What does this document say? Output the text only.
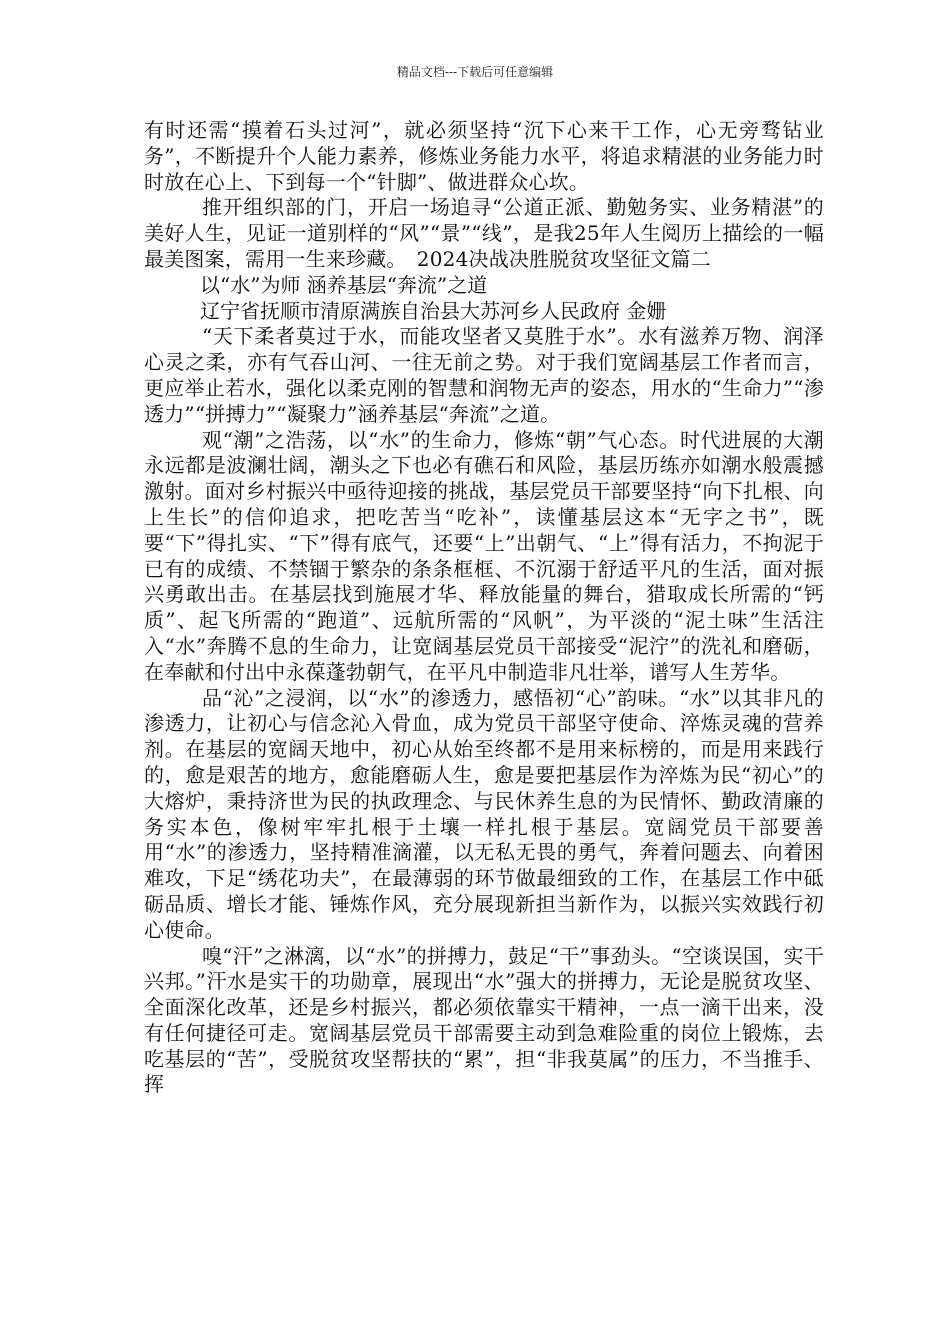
精品文档---下载后可任意编辑

有时还需“摸着石头过河”，就必须坚持“沉下心来干工作，心无旁骛钻业务”，不断提升个人能力素养，修炼业务能力水平，将追求精湛的业务能力时时放在心上、下到每一个“针脚”、做进群众心坎。

推开组织部的门，开启一场追寻“公道正派、勤勉务实、业务精湛”的美好人生，见证一道别样的“风”“景”“线”，是我25年人生阅历上描绘的一幅最美图案，需用一生来珍藏。　2024决战决胜脱贫攻坚征文篇二

以“水”为师 涵养基层“奔流”之道

辽宁省抚顺市清原满族自治县大苏河乡人民政府 金姗

“天下柔者莫过于水，而能攻坚者又莫胜于水”。水有滋养万物、润泽心灵之柔，亦有气吞山河、一往无前之势。对于我们宽阔基层工作者而言，更应举止若水，强化以柔克刚的智慧和润物无声的姿态，用水的“生命力”“渗透力”“拼搏力”“凝聚力”涵养基层“奔流”之道。

观“潮”之浩荡，以“水”的生命力，修炼“朝”气心态。时代进展的大潮永远都是波澜壮阔，潮头之下也必有礁石和风险，基层历练亦如潮水般震撼激射。面对乡村振兴中亟待迎接的挑战，基层党员干部要坚持“向下扎根、向上生长”的信仰追求，把吃苦当“吃补”，读懂基层这本“无字之书”，既要“下”得扎实、“下”得有底气，还要“上”出朝气、“上”得有活力，不拘泥于已有的成绩、不禁锢于繁杂的条条框框、不沉溺于舒适平凡的生活，面对振兴勇敢出击。在基层找到施展才华、释放能量的舞台，猎取成长所需的“钙质”、起飞所需的“跑道”、远航所需的“风帆”，为平淡的“泥土味”生活注入“水”奔腾不息的生命力，让宽阔基层党员干部接受“泥泞”的洗礼和磨砺，在奉献和付出中永葆蓬勃朝气，在平凡中制造非凡壮举，谱写人生芳华。

品“沁”之浸润，以“水”的渗透力，感悟初“心”韵味。“水”以其非凡的渗透力，让初心与信念沁入骨血，成为党员干部坚守使命、淬炼灵魂的营养剂。在基层的宽阔天地中，初心从始至终都不是用来标榜的，而是用来践行的，愈是艰苦的地方，愈能磨砺人生，愈是要把基层作为淬炼为民“初心”的大熔炉，秉持济世为民的执政理念、与民休养生息的为民情怀、勤政清廉的务实本色，像树牢牢扎根于土壤一样扎根于基层。宽阔党员干部要善用“水”的渗透力，坚持精准滴灌，以无私无畏的勇气，奔着问题去、向着困难攻，下足“绣花功夫”，在最薄弱的环节做最细致的工作，在基层工作中砥砺品质、增长才能、锤炼作风，充分展现新担当新作为，以振兴实效践行初心使命。

嗅“汗”之淋漓，以“水”的拼搏力，鼓足“干”事劲头。“空谈误国，实干兴邦。”汗水是实干的功勋章，展现出“水”强大的拼搏力，无论是脱贫攻坚、全面深化改革，还是乡村振兴，都必须依靠实干精神，一点一滴干出来，没有任何捷径可走。宽阔基层党员干部需要主动到急难险重的岗位上锻炼，去吃基层的“苦”，受脱贫攻坚帮扶的“累”，担“非我莫属”的压力，不当推手、挥
